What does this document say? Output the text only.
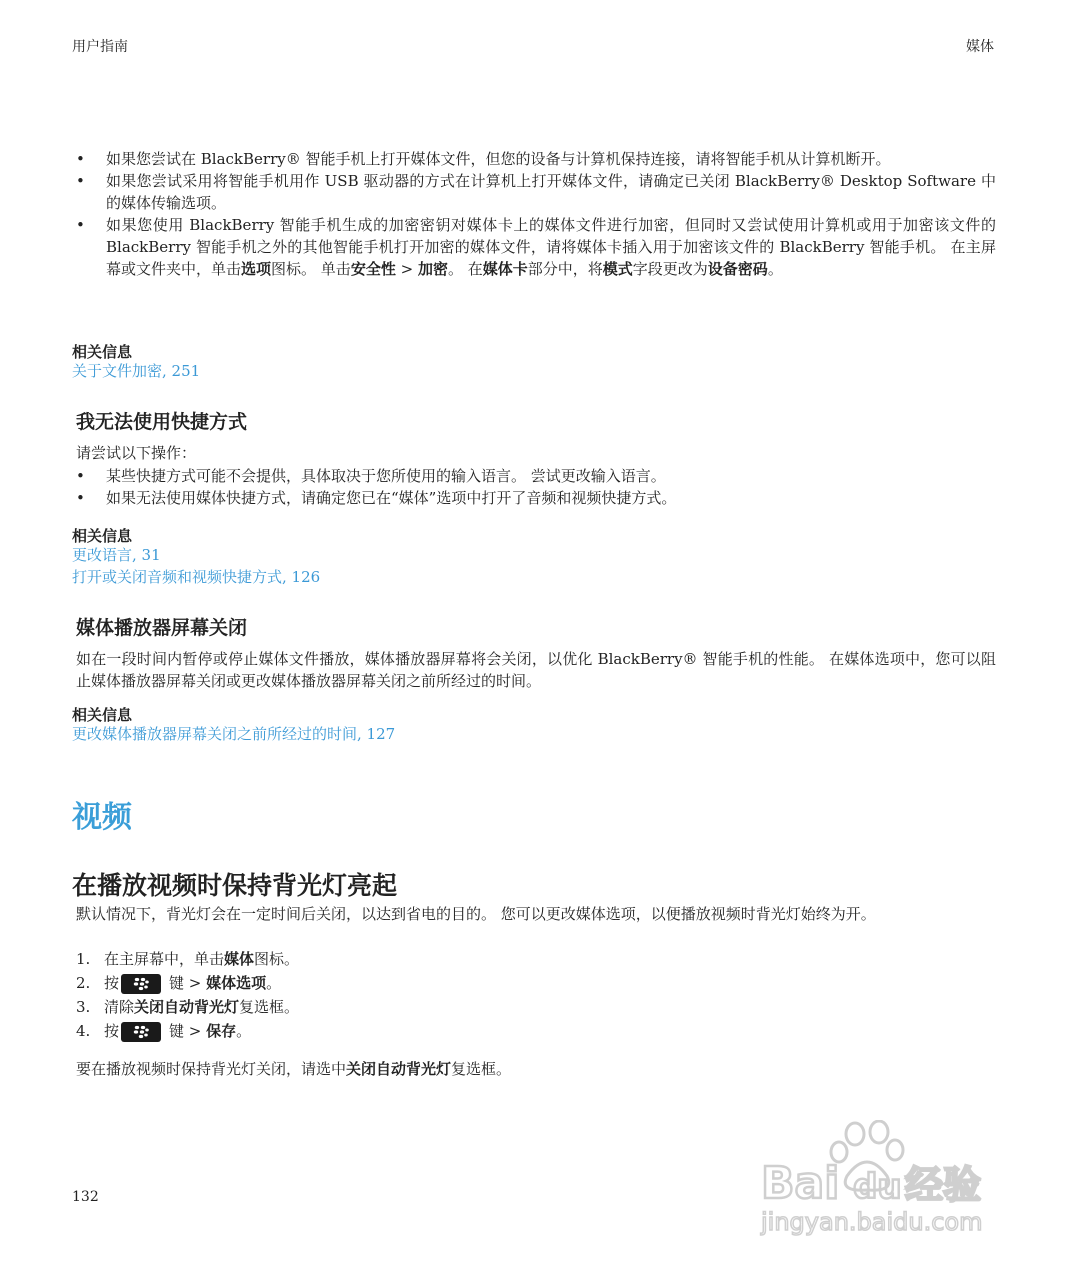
用户指南	媒体
• 如果您尝试在 BlackBerry® 智能手机上打开媒体文件，但您的设备与计算机保持连接，请将智能手机从计算机断开。
• 如果您尝试采用将智能手机用作 USB 驱动器的方式在计算机上打开媒体文件，请确定已关闭 BlackBerry® Desktop Software 中的媒体传输选项。
• 如果您使用 BlackBerry 智能手机生成的加密密钥对媒体卡上的媒体文件进行加密，但同时又尝试使用计算机或用于加密该文件的 BlackBerry 智能手机之外的其他智能手机打开加密的媒体文件，请将媒体卡插入用于加密该文件的 BlackBerry 智能手机。 在主屏幕或文件夹中，单击选项图标。 单击安全性 > 加密。 在媒体卡部分中，将模式字段更改为设备密码。
相关信息
关于文件加密, 251
我无法使用快捷方式
请尝试以下操作：
• 某些快捷方式可能不会提供，具体取决于您所使用的输入语言。 尝试更改输入语言。
• 如果无法使用媒体快捷方式，请确定您已在“媒体”选项中打开了音频和视频快捷方式。
相关信息
更改语言, 31
打开或关闭音频和视频快捷方式, 126
媒体播放器屏幕关闭
如在一段时间内暂停或停止媒体文件播放，媒体播放器屏幕将会关闭，以优化 BlackBerry® 智能手机的性能。 在媒体选项中，您可以阻止媒体播放器屏幕关闭或更改媒体播放器屏幕关闭之前所经过的时间。
相关信息
更改媒体播放器屏幕关闭之前所经过的时间, 127
视频
在播放视频时保持背光灯亮起
默认情况下，背光灯会在一定时间后关闭，以达到省电的目的。 您可以更改媒体选项，以便播放视频时背光灯始终为开。
1. 在主屏幕中，单击媒体图标。
2. 按	键 > 媒体选项。
3. 清除关闭自动背光灯复选框。
4. 按	键 > 保存。
要在播放视频时保持背光灯关闭，请选中关闭自动背光灯复选框。
132	Bai du 经验
jingyan.baidu.com
